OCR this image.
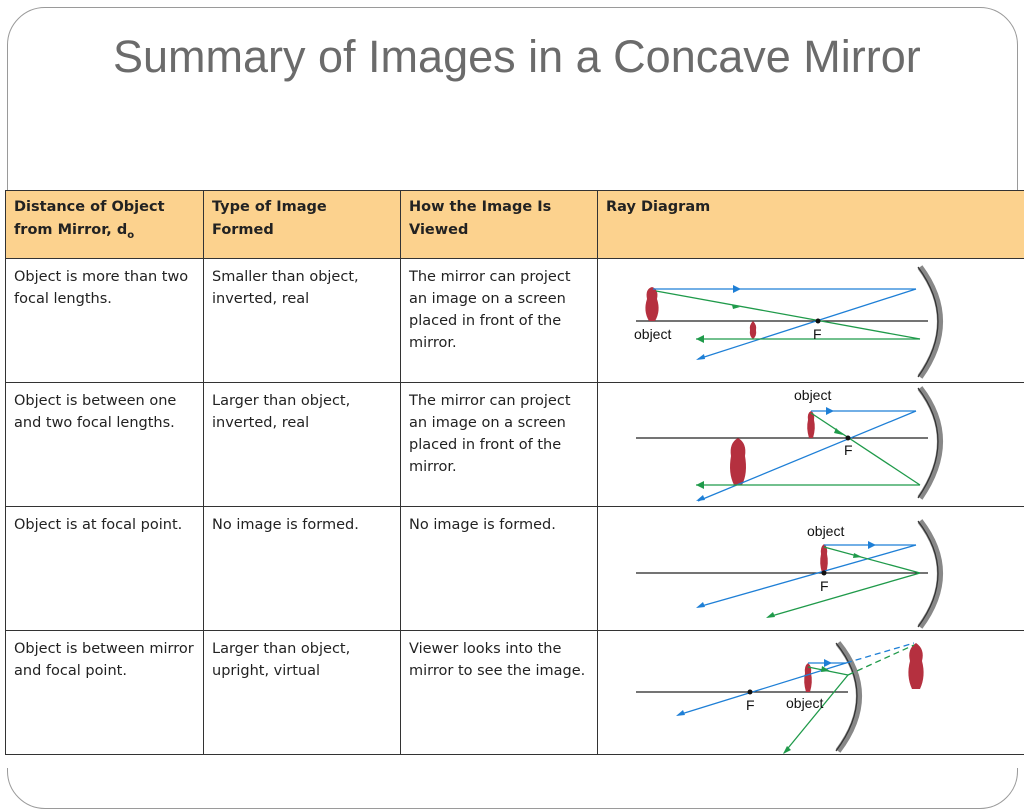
Summary of Images in a Concave Mirror
Distance of Object from Mirror, $d_o$	Type of Image Formed	How the Image Is Viewed	Ray Diagram
Object is more than two focal lengths.	Smaller than object, inverted, real	The mirror can project an image on a screen placed in front of the mirror.	object F

Object is between one and two focal lengths.	Larger than object, inverted, real	The mirror can project an image on a screen placed in front of the mirror.	object
F

Object is at focal point.	No image is formed.	No image is formed.	object
F

Object is between mirror and focal point.	Larger than object, upright, virtual	Viewer looks into the mirror to see the image.	F object
